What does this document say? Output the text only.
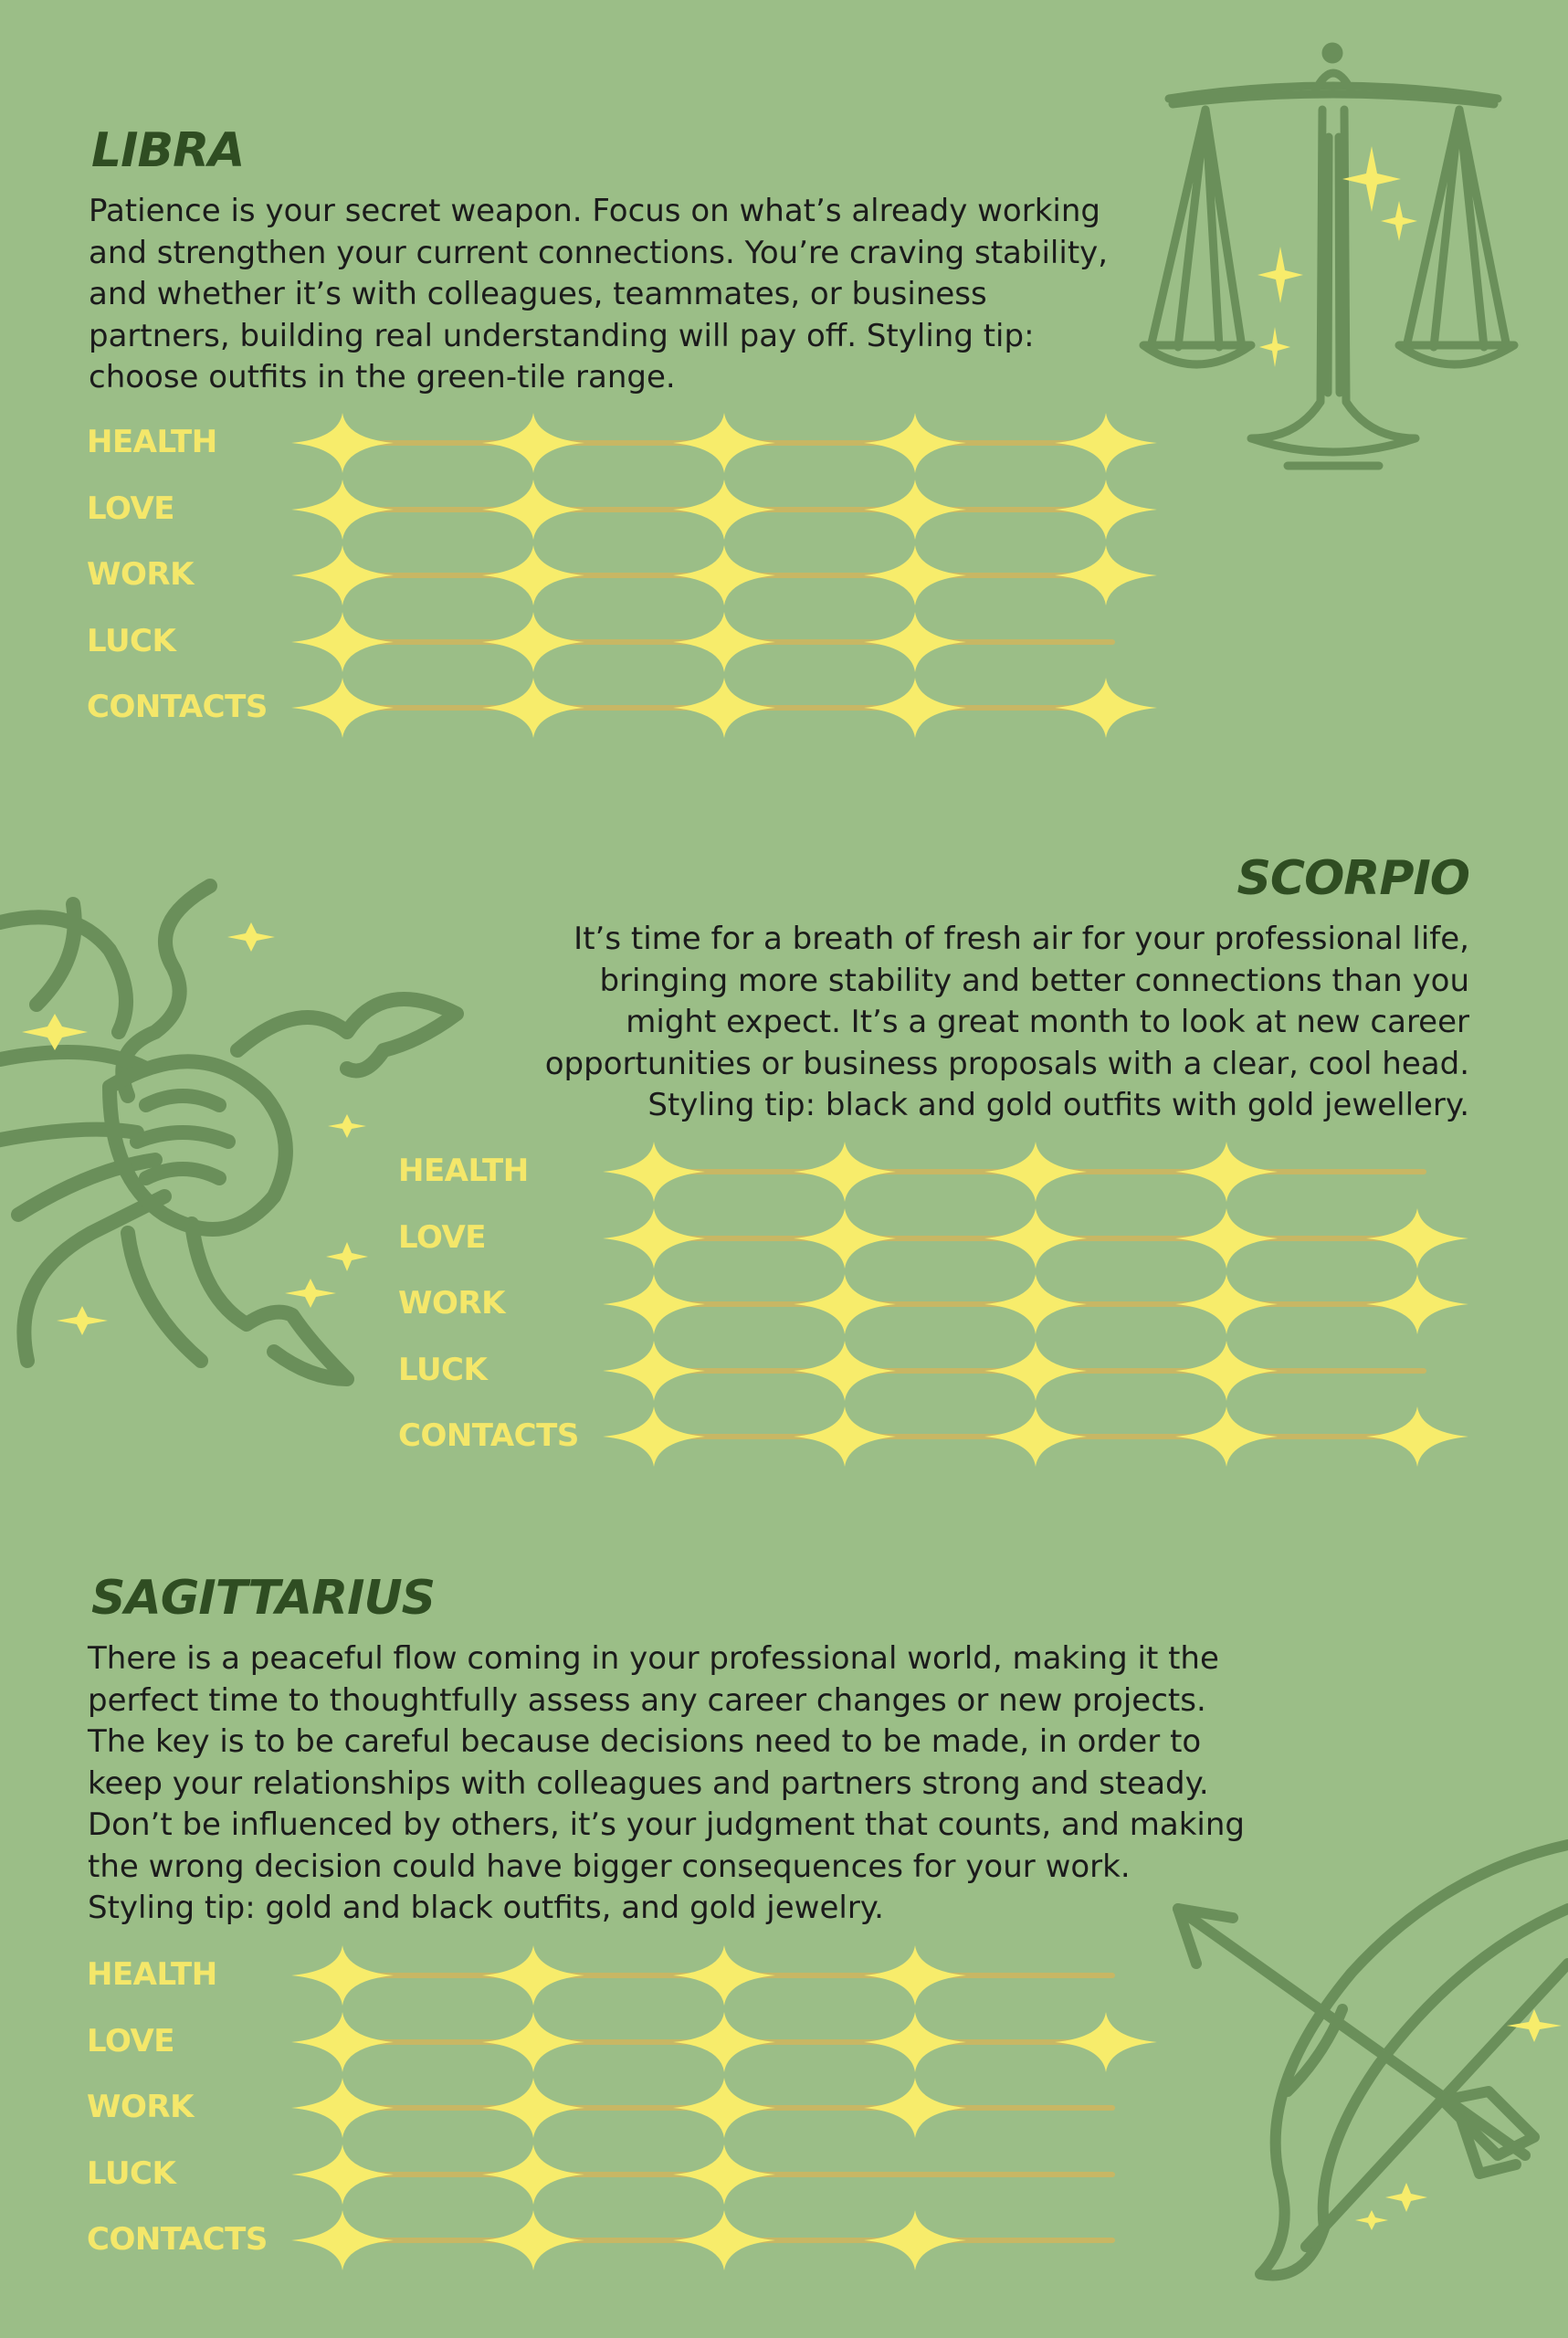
LIBRA

Patience is your secret weapon. Focus on what’s already working
and strengthen your current connections. You’re craving stability,
and whether it’s with colleagues, teammates, or business
partners, building real understanding will pay off. Styling tip:
choose outfits in the green-tile range.

HEALTH
LOVE
WORK
LUCK
CONTACTS
SCORPIO

It’s time for a breath of fresh air for your professional life,
bringing more stability and better connections than you
might expect. It’s a great month to look at new career
opportunities or business proposals with a clear, cool head.
Styling tip: black and gold outfits with gold jewellery.

HEALTH
LOVE
WORK
LUCK
CONTACTS
SAGITTARIUS

There is a peaceful flow coming in your professional world, making it the
perfect time to thoughtfully assess any career changes or new projects.
The key is to be careful because decisions need to be made, in order to
keep your relationships with colleagues and partners strong and steady.
Don’t be influenced by others, it’s your judgment that counts, and making
the wrong decision could have bigger consequences for your work.
Styling tip: gold and black outfits, and gold jewelry.

HEALTH
LOVE
WORK
LUCK
CONTACTS
